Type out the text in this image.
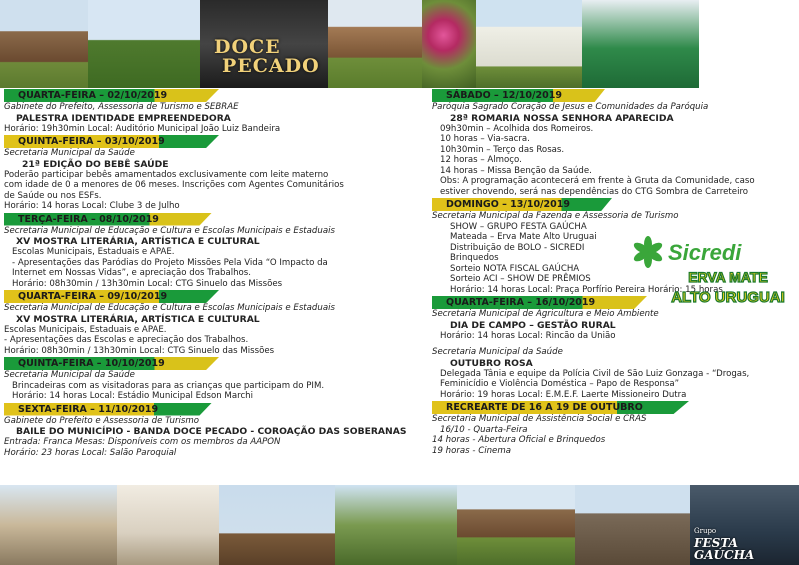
DOCE
PECADO
QUARTA-FEIRA – 02/10/2019
Gabinete do Prefeito, Assessoria de Turismo e SEBRAE
PALESTRA IDENTIDADE EMPREENDEDORA
Horário: 19h30min Local: Auditório Municipal João Luiz Bandeira
QUINTA-FEIRA – 03/10/2019
Secretaria Municipal da Saúde
21ª EDIÇÃO DO BEBÊ SAÚDE
Poderão participar bebês amamentados exclusivamente com leite materno
com idade de 0 a menores de 06 meses. Inscrições com Agentes Comunitários
de Saúde ou nos ESFs.
Horário: 14 horas Local: Clube 3 de Julho
TERÇA-FEIRA – 08/10/2019
Secretaria Municipal de Educação e Cultura e Escolas Municipais e Estaduais
XV MOSTRA LITERÁRIA, ARTÍSTICA E CULTURAL
Escolas Municipais, Estaduais e APAE.
- Apresentações das Paródias do Projeto Missões Pela Vida “O Impacto da
Internet em Nossas Vidas”, e apreciação dos Trabalhos.
Horário: 08h30min / 13h30min Local: CTG Sinuelo das Missões
QUARTA-FEIRA – 09/10/2019
Secretaria Municipal de Educação e Cultura e Escolas Municipais e Estaduais
XV MOSTRA LITERÁRIA, ARTÍSTICA E CULTURAL
Escolas Municipais, Estaduais e APAE.
- Apresentações das Escolas e apreciação dos Trabalhos.
Horário: 08h30min / 13h30min Local: CTG Sinuelo das Missões
QUINTA-FEIRA – 10/10/2019
Secretaria Municipal da Saúde
Brincadeiras com as visitadoras para as crianças que participam do PIM.
Horário: 14 horas Local: Estádio Municipal Edson Marchi
SEXTA-FEIRA – 11/10/2019
Gabinete do Prefeito e Assessoria de Turismo
BAILE DO MUNICÍPIO - BANDA DOCE PECADO - COROAÇÃO DAS SOBERANAS
Entrada: Franca Mesas: Disponíveis com os membros da AAPON
Horário: 23 horas Local: Salão Paroquial
SÁBADO – 12/10/2019
Paróquia Sagrado Coração de Jesus e Comunidades da Paróquia
28ª ROMARIA NOSSA SENHORA APARECIDA
09h30min – Acolhida dos Romeiros.
10 horas – Via-sacra.
10h30min – Terço das Rosas.
12 horas – Almoço.
14 horas – Missa Benção da Saúde.
Obs: A programação acontecerá em frente à Gruta da Comunidade, caso
estiver chovendo, será nas dependências do CTG Sombra de Carreteiro
DOMINGO – 13/10/2019
Secretaria Municipal da Fazenda e Assessoria de Turismo
SHOW – GRUPO FESTA GAÚCHA
Mateada – Erva Mate Alto Uruguai
Distribuição de BOLO - SICREDI
Brinquedos
Sorteio NOTA FISCAL GAÚCHA
Sorteio ACI – SHOW DE PRÊMIOS
Horário: 14 horas Local: Praça Porfírio Pereira Horário: 15 horas
QUARTA-FEIRA – 16/10/2019
Secretaria Municipal de Agricultura e Meio Ambiente
DIA DE CAMPO – GESTÃO RURAL
Horário: 14 horas Local: Rincão da União
Secretaria Municipal da Saúde
OUTUBRO ROSA
Delegada Tânia e equipe da Polícia Civil de São Luiz Gonzaga - “Drogas,
Feminicídio e Violência Doméstica – Papo de Responsa”
Horário: 19 horas Local: E.M.E.F. Laerte Missioneiro Dutra
RECREARTE DE 16 A 19 DE OUTUBRO
Secretaria Municipal de Assistência Social e CRAS
16/10 - Quarta-Feira
14 horas - Abertura Oficial e Brinquedos
19 horas - Cinema
Sicredi
ERVA MATE
ALTO URUGUAI
Grupo
FESTA GAÚCHA
